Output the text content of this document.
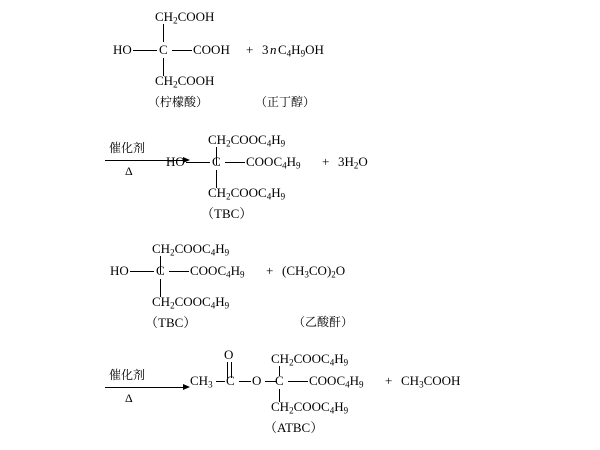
$CH_2COOH$
HO C COOH + 3 n $C_4H_9OH$
$CH_2COOH$
（柠檬酸）	（正丁醇）
催化剂
Δ
$CH_2COOC_4H_9$
HO C $COOC_4H_9 + 3H_2O$
$CH_2COOC_4H_9$
（TBC）
$CH_2COOC_4H_9$
HO C $COOC_4H_9 + (CH_3CO)_2O$
$CH_2COOC_4H_9$
（TBC）	（乙酸酐）
催化剂
Δ
O
$CH_3$ C O
$CH_2COOC_4H_9$
C $COOC_4H_9$ + $CH_3COOH$
$CH_2COOC_4H_9$
（ATBC）
